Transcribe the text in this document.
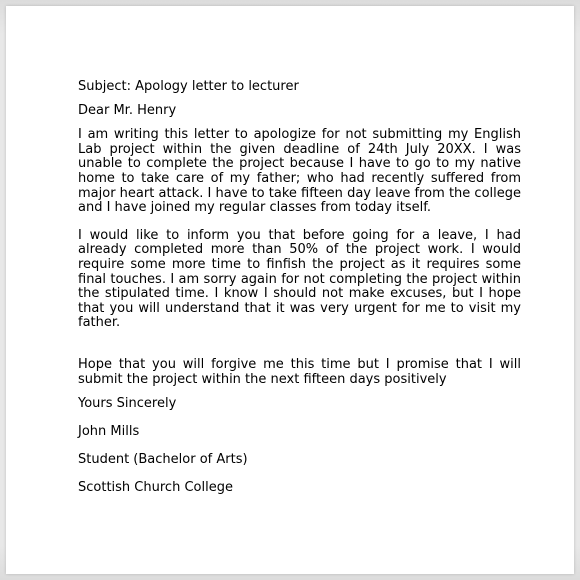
Subject: Apology letter to lecturer

Dear Mr. Henry

I am writing this letter to apologize for not submitting my English Lab project within the given deadline of 24th July 20XX. I was unable to complete the project because I have to go to my native home to take care of my father; who had recently suffered from major heart attack. I have to take fifteen day leave from the college and I have joined my regular classes from today itself.

I would like to inform you that before going for a leave, I had already completed more than 50% of the project work. I would require some more time to finfish the project as it requires some final touches. I am sorry again for not completing the project within the stipulated time. I know I should not make excuses, but I hope that you will understand that it was very urgent for me to visit my father.

Hope that you will forgive me this time but I promise that I will submit the project within the next fifteen days positively

Yours Sincerely

John Mills

Student (Bachelor of Arts)

Scottish Church College
